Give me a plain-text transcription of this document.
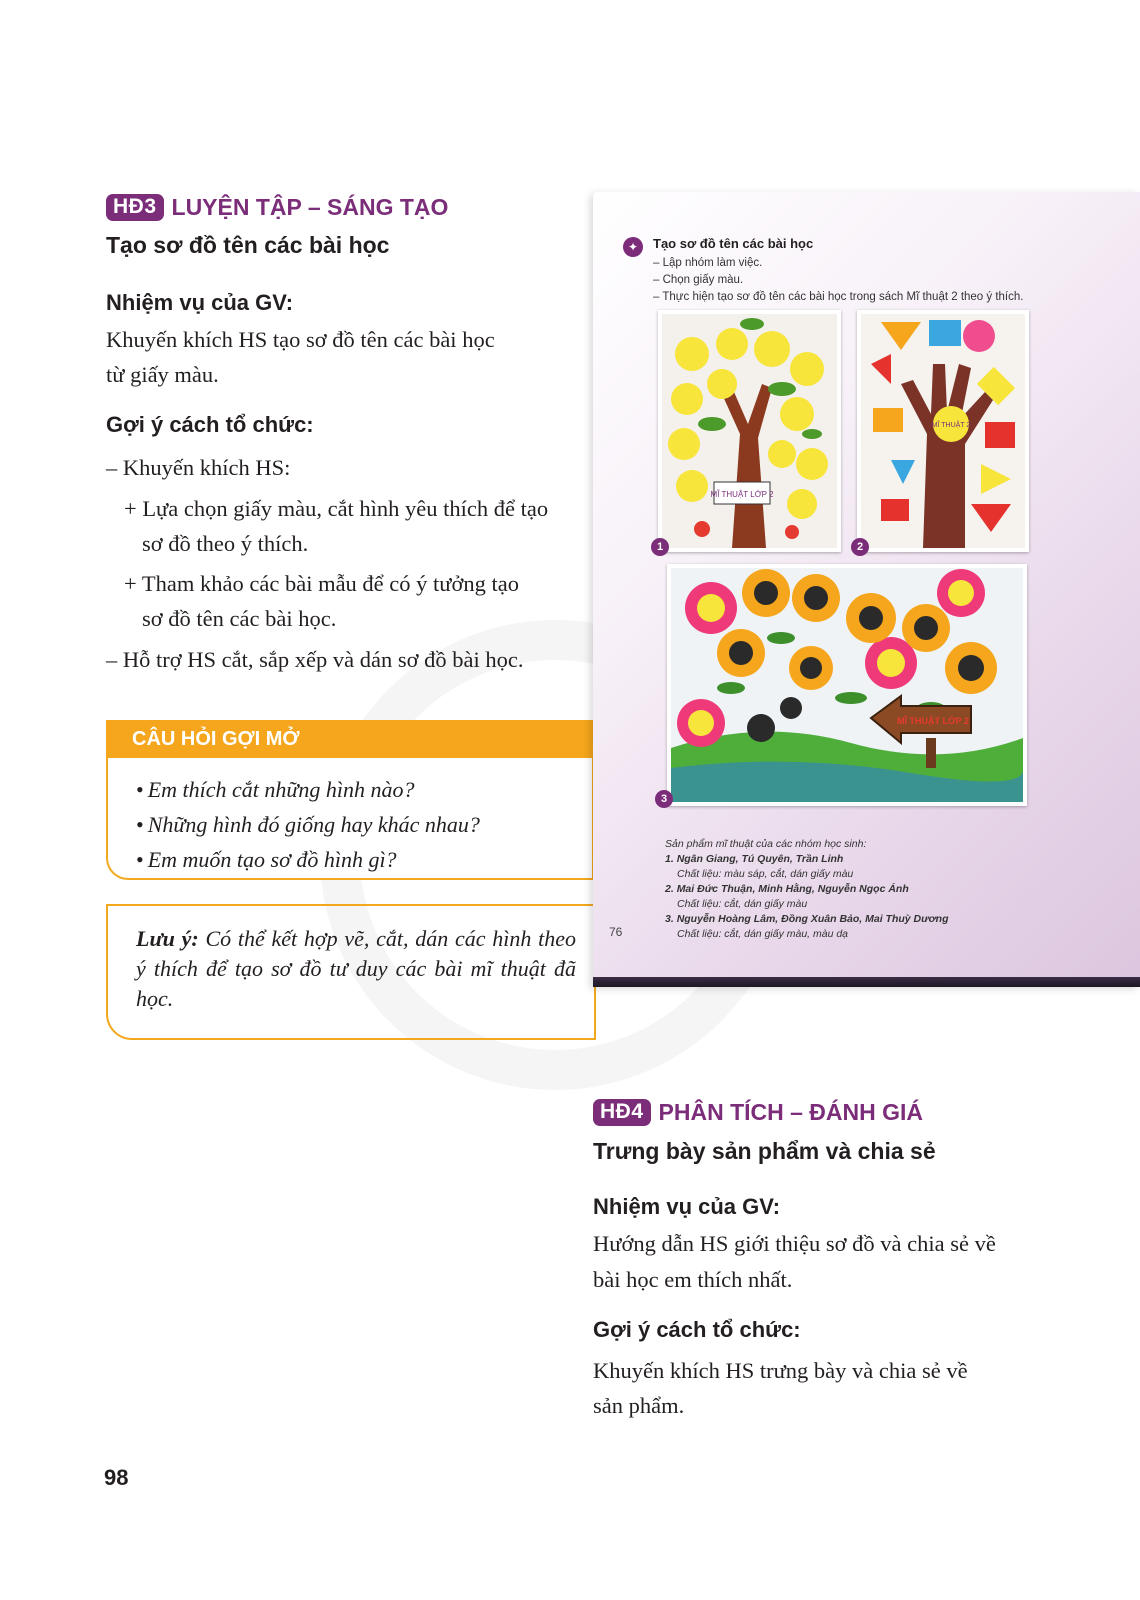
HĐ3 LUYỆN TẬP – SÁNG TẠO
Tạo sơ đồ tên các bài học
Nhiệm vụ của GV:
Khuyến khích HS tạo sơ đồ tên các bài học
từ giấy màu.
Gợi ý cách tổ chức:
– Khuyến khích HS:
+ Lựa chọn giấy màu, cắt hình yêu thích để tạo
sơ đồ theo ý thích.
+ Tham khảo các bài mẫu để có ý tưởng tạo
sơ đồ tên các bài học.
– Hỗ trợ HS cắt, sắp xếp và dán sơ đồ bài học.
CÂU HỎI GỢI MỞ
• Em thích cắt những hình nào?
• Những hình đó giống hay khác nhau?
• Em muốn tạo sơ đồ hình gì?

Lưu ý: Có thể kết hợp vẽ, cắt, dán các hình theo ý thích để tạo sơ đồ tư duy các bài mĩ thuật đã học.

✦	Tạo sơ đồ tên các bài học
– Lập nhóm làm việc.
– Chọn giấy màu.
– Thực hiện tạo sơ đồ tên các bài học trong sách Mĩ thuật 2 theo ý thích.
MĨ THUẬT LỚP 2
1
MĨ THUẬT 2
2
MĨ THUẬT LỚP 2
3
Sản phẩm mĩ thuật của các nhóm học sinh:
1. Ngân Giang, Tú Quyên, Trần Linh
Chất liệu: màu sáp, cắt, dán giấy màu
2. Mai Đức Thuận, Minh Hằng, Nguyễn Ngọc Ánh
Chất liệu: cắt, dán giấy màu
3. Nguyễn Hoàng Lâm, Đồng Xuân Bảo, Mai Thuỳ Dương
Chất liệu: cắt, dán giấy màu, màu dạ
76
HĐ4 PHÂN TÍCH – ĐÁNH GIÁ
Trưng bày sản phẩm và chia sẻ
Nhiệm vụ của GV:
Hướng dẫn HS giới thiệu sơ đồ và chia sẻ về
bài học em thích nhất.
Gợi ý cách tổ chức:
Khuyến khích HS trưng bày và chia sẻ về
sản phẩm.
98
